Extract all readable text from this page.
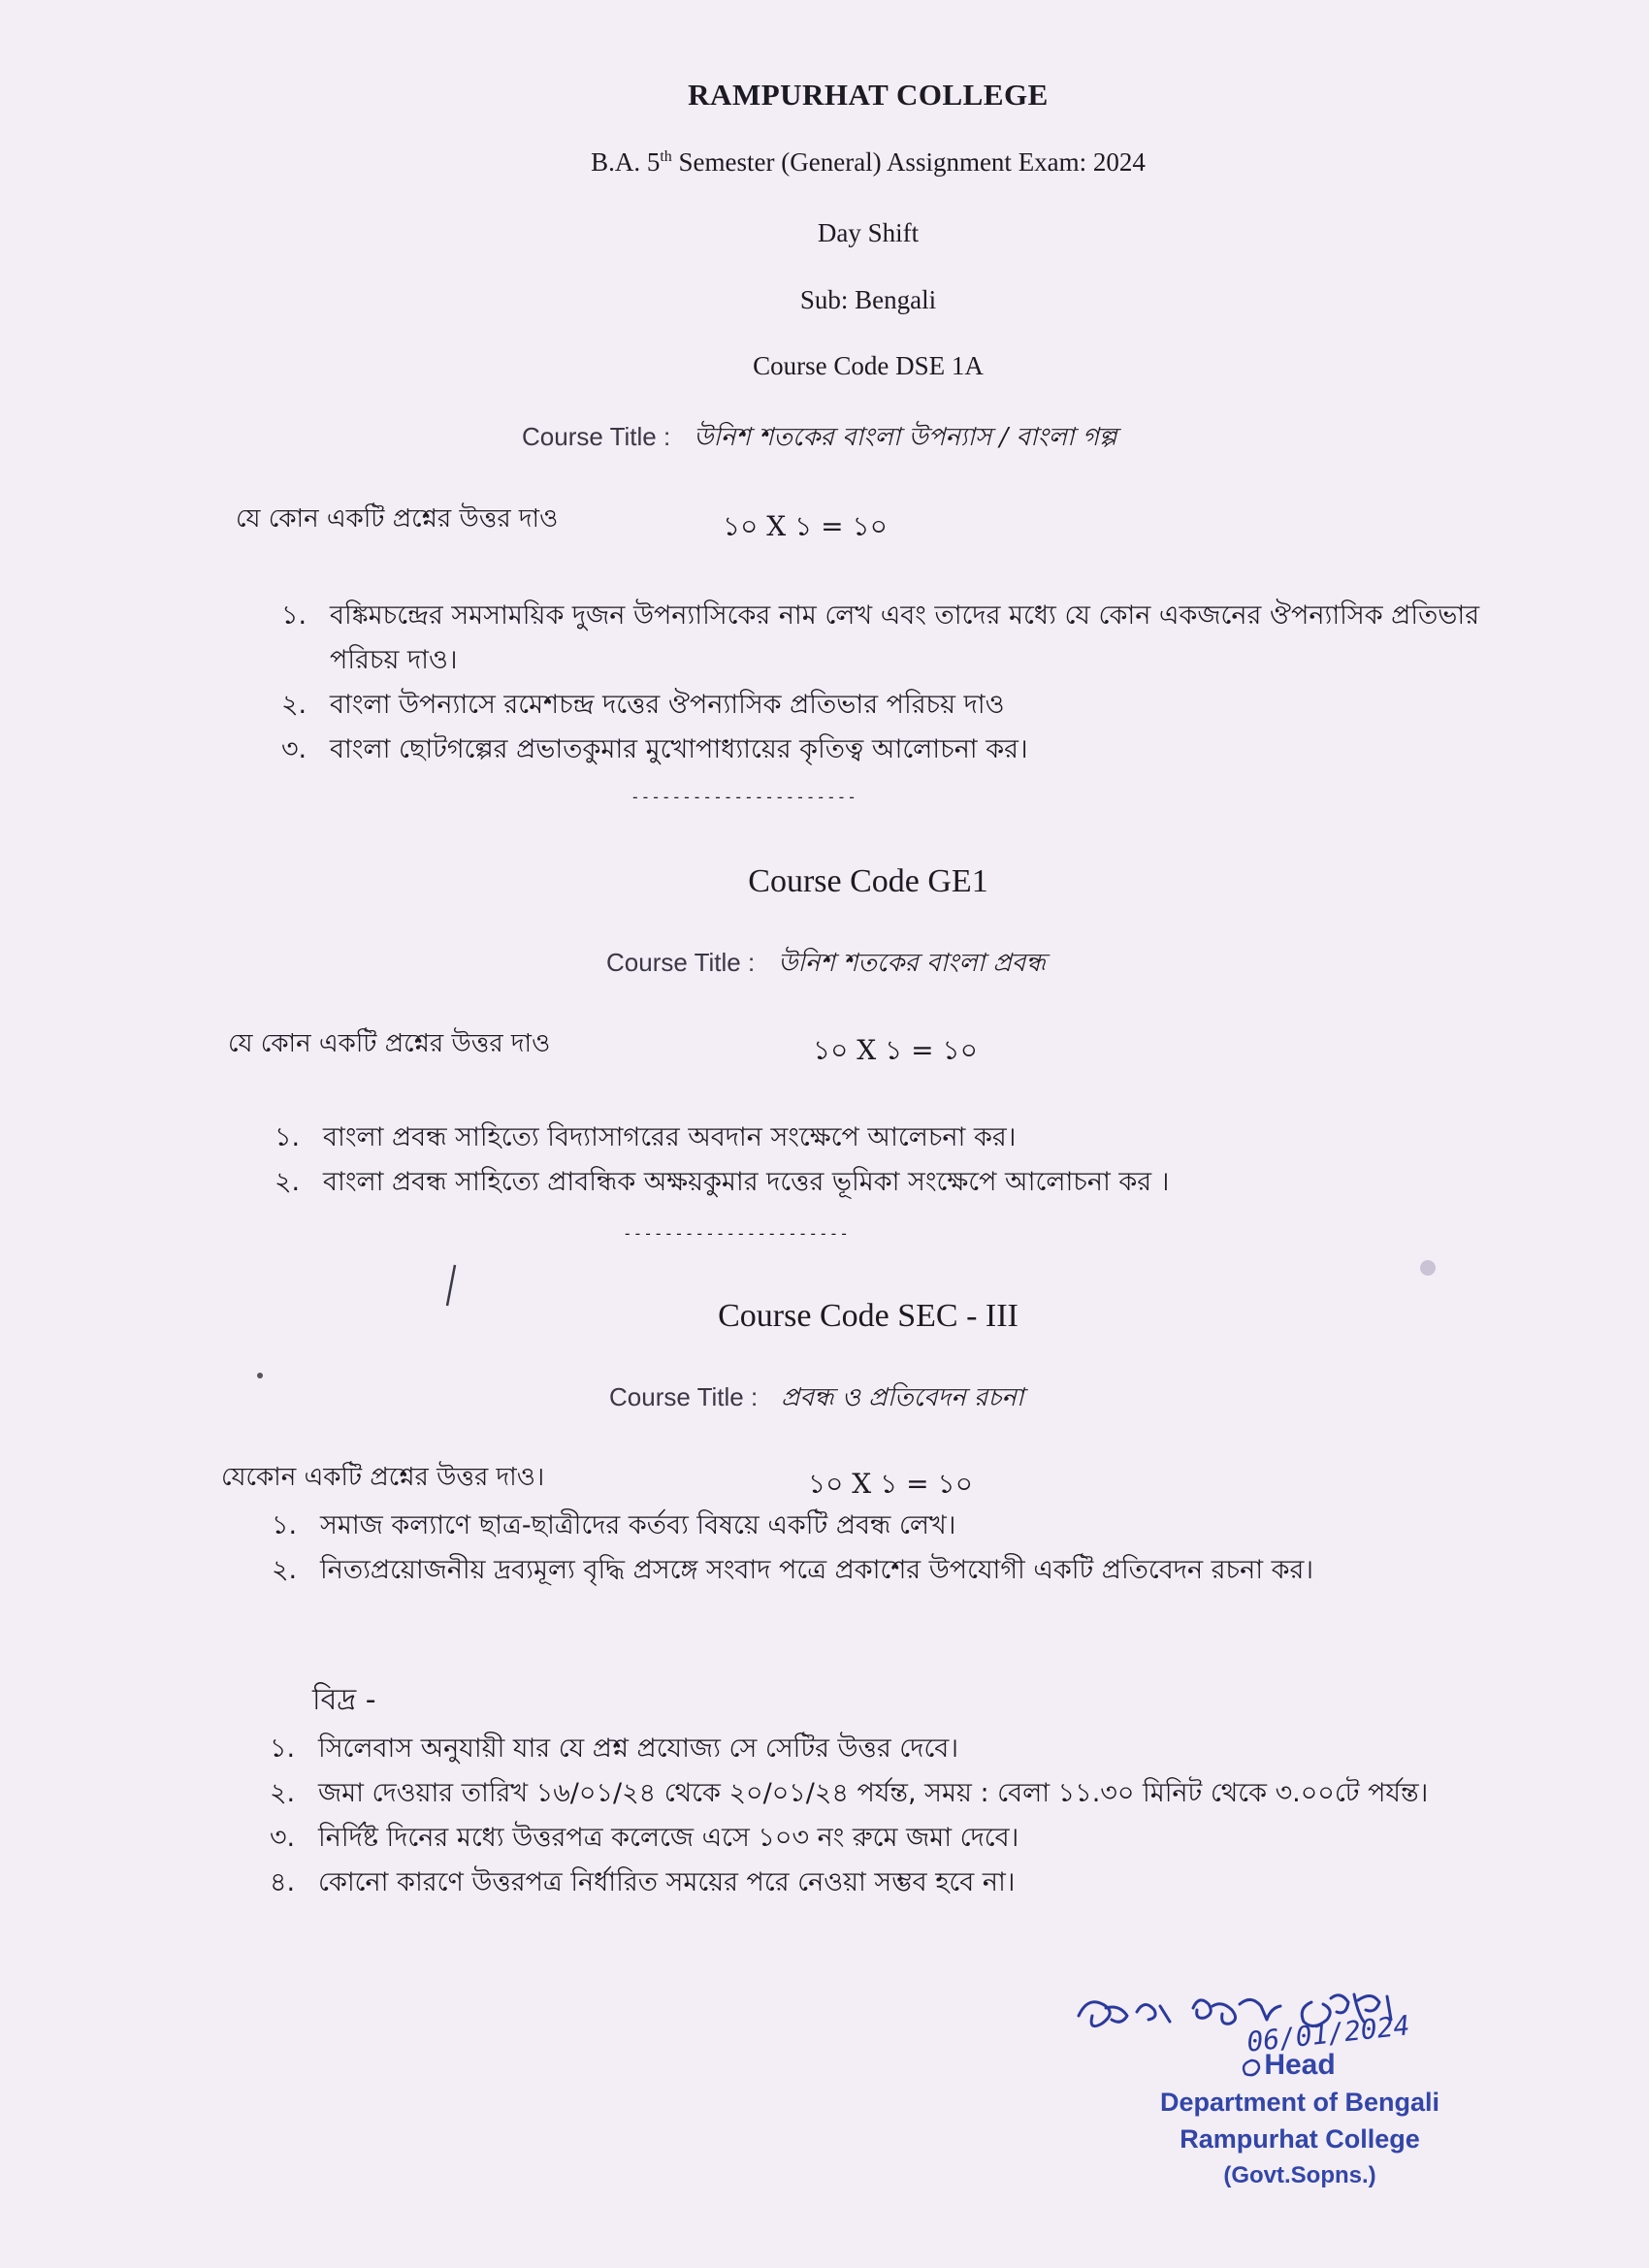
RAMPURHAT COLLEGE
B.A. 5th Semester (General) Assignment Exam: 2024
Day Shift
Sub: Bengali
Course Code DSE 1A
Course Title : উনিশ শতকের বাংলা উপন্যাস / বাংলা গল্প
যে কোন একটি প্রশ্নের উত্তর দাও	১০ X ১ = ১০
১. বঙ্কিমচন্দ্রের সমসাময়িক দুজন উপন্যাসিকের নাম লেখ এবং তাদের মধ্যে যে কোন একজনের ঔপন্যাসিক প্রতিভার পরিচয় দাও।
২. বাংলা উপন্যাসে রমেশচন্দ্র দত্তের ঔপন্যাসিক প্রতিভার পরিচয় দাও
৩. বাংলা ছোটগল্পের প্রভাতকুমার মুখোপাধ্যায়ের কৃতিত্ব আলোচনা কর।
----------------------
Course Code GE1
Course Title : উনিশ শতকের বাংলা প্রবন্ধ
যে কোন একটি প্রশ্নের উত্তর দাও	১০ X ১ = ১০
১. বাংলা প্রবন্ধ সাহিত্যে বিদ্যাসাগরের অবদান সংক্ষেপে আলেচনা কর।
২. বাংলা প্রবন্ধ সাহিত্যে প্রাবন্ধিক অক্ষয়কুমার দত্তের ভূমিকা সংক্ষেপে আলোচনা কর ।
----------------------
Course Code SEC - III
Course Title : প্রবন্ধ ও প্রতিবেদন রচনা
যেকোন একটি প্রশ্নের উত্তর দাও।	১০ X ১ = ১০
১. সমাজ কল্যাণে ছাত্র-ছাত্রীদের কর্তব্য বিষয়ে একটি প্রবন্ধ লেখ।
২. নিত্যপ্রয়োজনীয় দ্রব্যমূল্য বৃদ্ধি প্রসঙ্গে সংবাদ পত্রে প্রকাশের উপযোগী একটি প্রতিবেদন রচনা কর।
বিদ্র -
১. সিলেবাস অনুযায়ী যার যে প্রশ্ন প্রযোজ্য সে সেটির উত্তর দেবে।
২. জমা দেওয়ার তারিখ ১৬/০১/২৪ থেকে ২০/০১/২৪ পর্যন্ত, সময় : বেলা ১১.৩০ মিনিট থেকে ৩.০০টে পর্যন্ত।
৩. নির্দিষ্ট দিনের মধ্যে উত্তরপত্র কলেজে এসে ১০৩ নং রুমে জমা দেবে।
৪. কোনো কারণে উত্তরপত্র নির্ধারিত সময়ের পরে নেওয়া সম্ভব হবে না।
06/01/2024
Head
Department of Bengali
Rampurhat College
(Govt.Sopns.)
